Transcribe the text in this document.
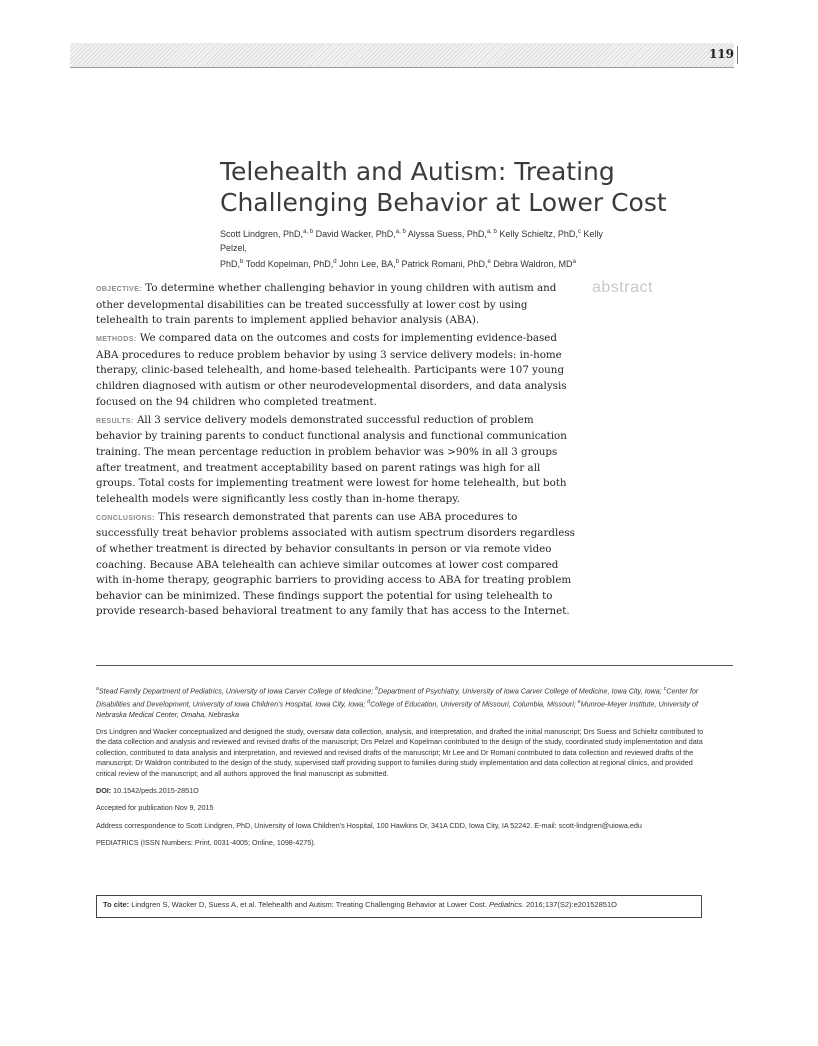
119
Telehealth and Autism: Treating Challenging Behavior at Lower Cost
Scott Lindgren, PhD,$^{a, b}$ David Wacker, PhD,$^{a, b}$ Alyssa Suess, PhD,$^{a, b}$ Kelly Schieltz, PhD,$^c$ Kelly Pelzel,
PhD,$^b$ Todd Kopelman, PhD,$^d$ John Lee, BA,$^b$ Patrick Romani, PhD,$^e$ Debra Waldron, $MD^a$
abstract

OBJECTIVE: To determine whether challenging behavior in young children with autism and other developmental disabilities can be treated successfully at lower cost by using telehealth to train parents to implement applied behavior analysis (ABA).

METHODS: We compared data on the outcomes and costs for implementing evidence-based ABA procedures to reduce problem behavior by using 3 service delivery models: in-home therapy, clinic-based telehealth, and home-based telehealth. Participants were 107 young children diagnosed with autism or other neurodevelopmental disorders, and data analysis focused on the 94 children who completed treatment.

RESULTS: All 3 service delivery models demonstrated successful reduction of problem behavior by training parents to conduct functional analysis and functional communication training. The mean percentage reduction in problem behavior was >90% in all 3 groups after treatment, and treatment acceptability based on parent ratings was high for all groups. Total costs for implementing treatment were lowest for home telehealth, but both telehealth models were significantly less costly than in-home therapy.

CONCLUSIONS: This research demonstrated that parents can use ABA procedures to successfully treat behavior problems associated with autism spectrum disorders regardless of whether treatment is directed by behavior consultants in person or via remote video coaching. Because ABA telehealth can achieve similar outcomes at lower cost compared with in-home therapy, geographic barriers to providing access to ABA for treating problem behavior can be minimized. These findings support the potential for using telehealth to provide research-based behavioral treatment to any family that has access to the Internet.

$^a$Stead Family Department of Pediatrics, University of Iowa Carver College of Medicine; $^b$Department of Psychiatry, University of Iowa Carver College of Medicine, Iowa City, Iowa; $^c$Center for Disabilities and Development, University of Iowa Children's Hospital, Iowa City, Iowa; $^d$College of Education, University of Missouri, Columbia, Missouri; $^e$Munroe-Meyer Institute, University of Nebraska Medical Center, Omaha, Nebraska

Drs Lindgren and Wacker conceptualized and designed the study, oversaw data collection, analysis, and interpretation, and drafted the initial manuscript; Drs Suess and Schieltz contributed to the data collection and analysis and reviewed and revised drafts of the manuscript; Drs Pelzel and Kopelman contributed to the design of the study, coordinated study implementation and data collection, contributed to data analysis and interpretation, and reviewed and revised drafts of the manuscript; Mr Lee and Dr Romani contributed to data collection and reviewed drafts of the manuscript; Dr Waldron contributed to the design of the study, supervised staff providing support to families during study implementation and data collection at regional clinics, and provided critical review of the manuscript; and all authors approved the final manuscript as submitted.

DOI: 10.1542/peds.2015-2851O

Accepted for publication Nov 9, 2015

Address correspondence to Scott Lindgren, PhD, University of Iowa Children's Hospital, 100 Hawkins Dr, 341A CDD, Iowa City, IA 52242. E-mail: scott-lindgren@uiowa.edu

PEDIATRICS (ISSN Numbers: Print, 0031-4005; Online, 1098-4275).

To cite: Lindgren S, Wacker D, Suess A, et al. Telehealth and Autism: Treating Challenging Behavior at Lower Cost. Pediatrics. 2016;137(S2):e20152851O
